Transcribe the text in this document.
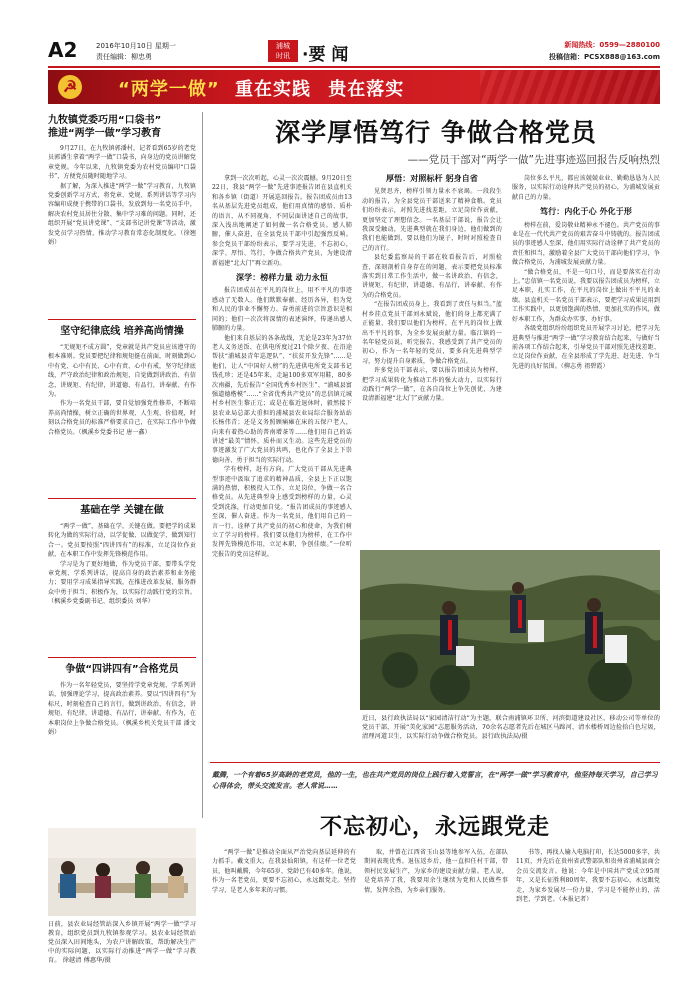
A2	2016年10月10日 星期一
责任编辑：柳忠勇
浦城
时讯 ·要 闻	新闻热线：0599—2880100
投稿信箱：PCSX888@163.com
☭ “两学一做” 重在实践 贵在落实
九牧镇党委巧用“口袋书”
推进“两学一做”学习教育

9月27日，在九牧镇郭潘村，记者看到65岁的老党员郭潘生拿着“两学一做”口袋书，向身边的党员讲解党章党规。今年以来，九牧镇党委为农村党员编印“口袋书”，方便党员随时随地学习。

据了解，为深入推进“两学一做”学习教育，九牧镇党委创新学习方式，将党章、党规、系列讲话等学习内容编印成便于携带的口袋书，发放到每一名党员手中，解决农村党员居住分散、集中学习难的问题。同时，还组织开展“党员讲党课”、“支部书记讲党课”等活动，激发党员学习热情，推动学习教育常态化制度化。（徐翘娟）

坚守纪律底线 培养高尚情操

“无规矩不成方圆”，党章就是共产党员应该遵守的根本准则。党员要把纪律和规矩挺在前面，时刻做到心中有党、心中有民、心中有责、心中有戒，坚守纪律底线，严守政治纪律和政治规矩，自觉做到讲政治、有信念，讲规矩、有纪律，讲道德、有品行，讲奉献、有作为。

作为一名党员干部，要自觉加强党性修养，不断培养高尚情操，树立正确的世界观、人生观、价值观，时刻以合格党员的标准严格要求自己，在实际工作中争做合格党员。（枫溪乡党委书记 唐一鑫）

基础在学 关键在做

“两学一做”，基础在学，关键在做。要把学的成果转化为做的实际行动，以学促做、以做促学，做到知行合一。党员要按照“四讲四有”的标准，立足岗位作贡献，在本职工作中发挥先锋模范作用。

学习是为了更好地做，作为党员干部，要带头学党章党规、学系列讲话，提高自身的政治素养和业务能力；要用学习成果指导实践，在推进改革发展、服务群众中勇于担当、积极作为，以实际行动践行党的宗旨。（枫溪乡党委副书记、组织委员 刘华）

争做“四讲四有”合格党员

作为一名年轻党员，要坚持学党章党规、学系列讲话，加强理论学习，提高政治素养。要以“四讲四有”为标尺，时刻检查自己的言行，做到讲政治、有信念，讲规矩、有纪律，讲道德、有品行，讲奉献、有作为，在本职岗位上争做合格党员。（枫溪乡机关党员干部 潘文娟）

深学厚悟笃行 争做合格党员
——党员干部对“两学一做”先进事迹巡回报告反响热烈

拿到一次次听起，心灵一次次震撼。9月20日至22日，我县“两学一做”先进事迹报告团在县直机关和各乡镇（街道）开展巡回报告。报告团成员由13名从基层先进党员组成，他们用真情的感悟、质朴的语言，从不同视角、不同层面讲述自己的故事，深入浅出地阐述了如何做一名合格党员。感人肺腑，催人奋进，在全县党员干部中引起强烈反响。参会党员干部纷纷表示，要学习先进，不忘初心，深学、厚悟、笃行，争做合格共产党员，为建设清新福建“北大门”再立新功。

深学：榜样力量 动力永恒

报告团成员在平凡的岗位上，用不平凡的事迹感动了无数人。他们默默奉献、经历各异，但为党和人民的事业不懈努力、奋勇前进的宗旨意识是相同的；他们一次次将深情的表述演绎，传递出感人肺腑的力量。

他们来自基层的各条战线，无论是23年为37位老人义务送饭、在供电所度过21个除夕夜、在沿途帮扶“浦城县青年巡逻队”、“扶贫开发先锋”……是他们，让人“中国好人榜”的先进供电所党支部书记钱孔珍；还是45年来，走遍100多双军用鞋，80多次南疆，先后报告“全国优秀乡村医生”、“浦城县富强道德楷模”……“全省优秀共产党员”的忠信镇元城村乡村医生黎正元；或是在临近退休时，毅然接下县农业局总部大重担的浦城县农业局综合服务站站长杨伟青；还是义务照顾痛瘫在床的五保户老人，向来有着热心助的普南增茶等……他们用自己的话讲述“最美”情怀，质朴而又生动。这些先进党员的事迹激发了广大党员的共鸣，也化作了全县上下崇德向善、勇于担当的实际行动。

学有榜样，赶有方向。广大党员干部从先进典型事迹中汲取了追求的精神品质，全县上下正以饱满的热情，积极投入工作，立足岗位，争做一名合格党员。从先进典型身上感受到榜样的力量，心灵受到洗涤，行动更加自觉。“报告团成员的事迹感人至深，催人奋进。作为一名党员，他们用自己的一言一行，诠释了共产党员的初心和使命，为我们树立了学习的榜样。我们要以他们为榜样，在工作中发挥先锋模范作用，立足本职，争创佳绩。”一位听完报告的党员这样说。

厚悟：对照标杆 躬身自省

见贤思齐，榜样引领力量永不衰竭。一段段生动的报告，为全县党员干部送来了精神食粮。党员们纷纷表示，对照先进找差距，立足岗位作贡献，更加坚定了理想信念。一名基层干部说，报告会让我深受触动，先进典型就在我们身边，他们做到的我们也能做到，要以他们为镜子，时时对照检查自己的言行。

县纪委监察局的干部在收看报告后，对照检查，深刻剖析自身存在的问题，表示要把党员标准落实到日常工作生活中，做一名讲政治、有信念，讲规矩、有纪律，讲道德、有品行，讲奉献、有作为的合格党员。

“在报告团成员身上，我看到了责任与担当。”蓝村乡挂点党员干部刘永斌说，他们的身上都充满了正能量，我们要以他们为榜样，在平凡的岗位上做出不平凡的事，为全乡发展贡献力量。临江镇的一名年轻党员说，听完报告，我感受到了共产党员的初心，作为一名年轻的党员，要多向先进典型学习，努力提升自身素质，争做合格党员。

许多党员干部表示，要以报告团成员为榜样，把学习成果转化为推动工作的强大动力，以实际行动践行“两学一做”，在各自岗位上争先创优，为建设清新福建“北大门”贡献力量。

岗位多么平凡，都应该兢兢业业、勤勤恳恳为人民服务，以实际行动诠释共产党员的初心，为浦城发展贡献自己的力量。

笃行：内化于心 外化于形

榜样在前，爱岗敬业精神永不褪色。共产党员的事业是在一代代共产党员的艰苦奋斗中铸就的。报告团成员的事迹感人至深，他们用实际行动诠释了共产党员的责任和担当，激励着全县广大党员干部向他们学习，争做合格党员，为浦城发展贡献力量。

“做合格党员，不是一句口号，而是要落实在行动上。”忠信镇一名党员说，我要以报告团成员为榜样，立足本职，扎实工作，在平凡的岗位上做出不平凡的业绩。县直机关一名党员干部表示，要把学习成果运用到工作实践中，以更加饱满的热情、更加扎实的作风，做好本职工作，为群众办实事、办好事。

各级党组织纷纷组织党员开展学习讨论，把学习先进典型与推进“两学一做”学习教育结合起来，与做好当前各项工作结合起来，引导党员干部对照先进找差距、立足岗位作贡献，在全县形成了学先进、赶先进、争当先进的良好氛围。（柳志勇 祖碧霞）

近日，县行政执法局以“家园清洁行动”为主题，联合南浦镇环卫所、河滨街道建设社区、移动公司等单位的党员干部，开展“美化家园”志愿服务活动，70余名志愿者先后在城区马蹄河、清水楼桥周边捡拾白色垃圾，清理河道卫生，以实际行动争做合格党员。县行政执法局/摄
戴腾，一个有着65岁高龄的老党员，他的一生，也在共产党员的岗位上践行着入党誓言，在“两学一做”学习教育中，他坚持每天学习，自己学习心得体会，带头交流发言。老人常说……
日前，县农业局经管站深入乡镇开展“两学一做”学习教育，组织党员到九牧镇参观学习。县农业局经管站党员深入田间地头，为农户讲解政策，帮助解决生产中的实际问题，以实际行动推进“两学一做”学习教育。 徐越清 傅惠华/摄
不忘初心，永远跟党走

“两学一做”是推动全面从严治党向基层延伸的有力抓手。戴文重大，在我县仙阳镇，有这样一位老党员，他叫戴腾，今年65岁，党龄已有40多年。他说，作为一名老党员，更要不忘初心，永远跟党走。坚持学习，是老人多年来的习惯。

取，并曾在江西省玉山县等地参军入伍，在部队期间表现优秀。退伍返乡后，他一直担任村干部，带领村民发展生产，为家乡的建设贡献力量。老人说，是党培养了我，我要用余生继续为党和人民做些事情，发挥余热，为乡亲们服务。

书等，再找人输入电脑打印，长达5000多字，共11页，并先后在贵州省武警部队和贵州省浦城县商会会员交流发言。他说：今年是中国共产党成立95周年，又是长征胜利80周年，我要不忘初心，永远跟党走，为家乡发展尽一份力量，学习是不能停止的，活到老，学到老。（本报记者）
